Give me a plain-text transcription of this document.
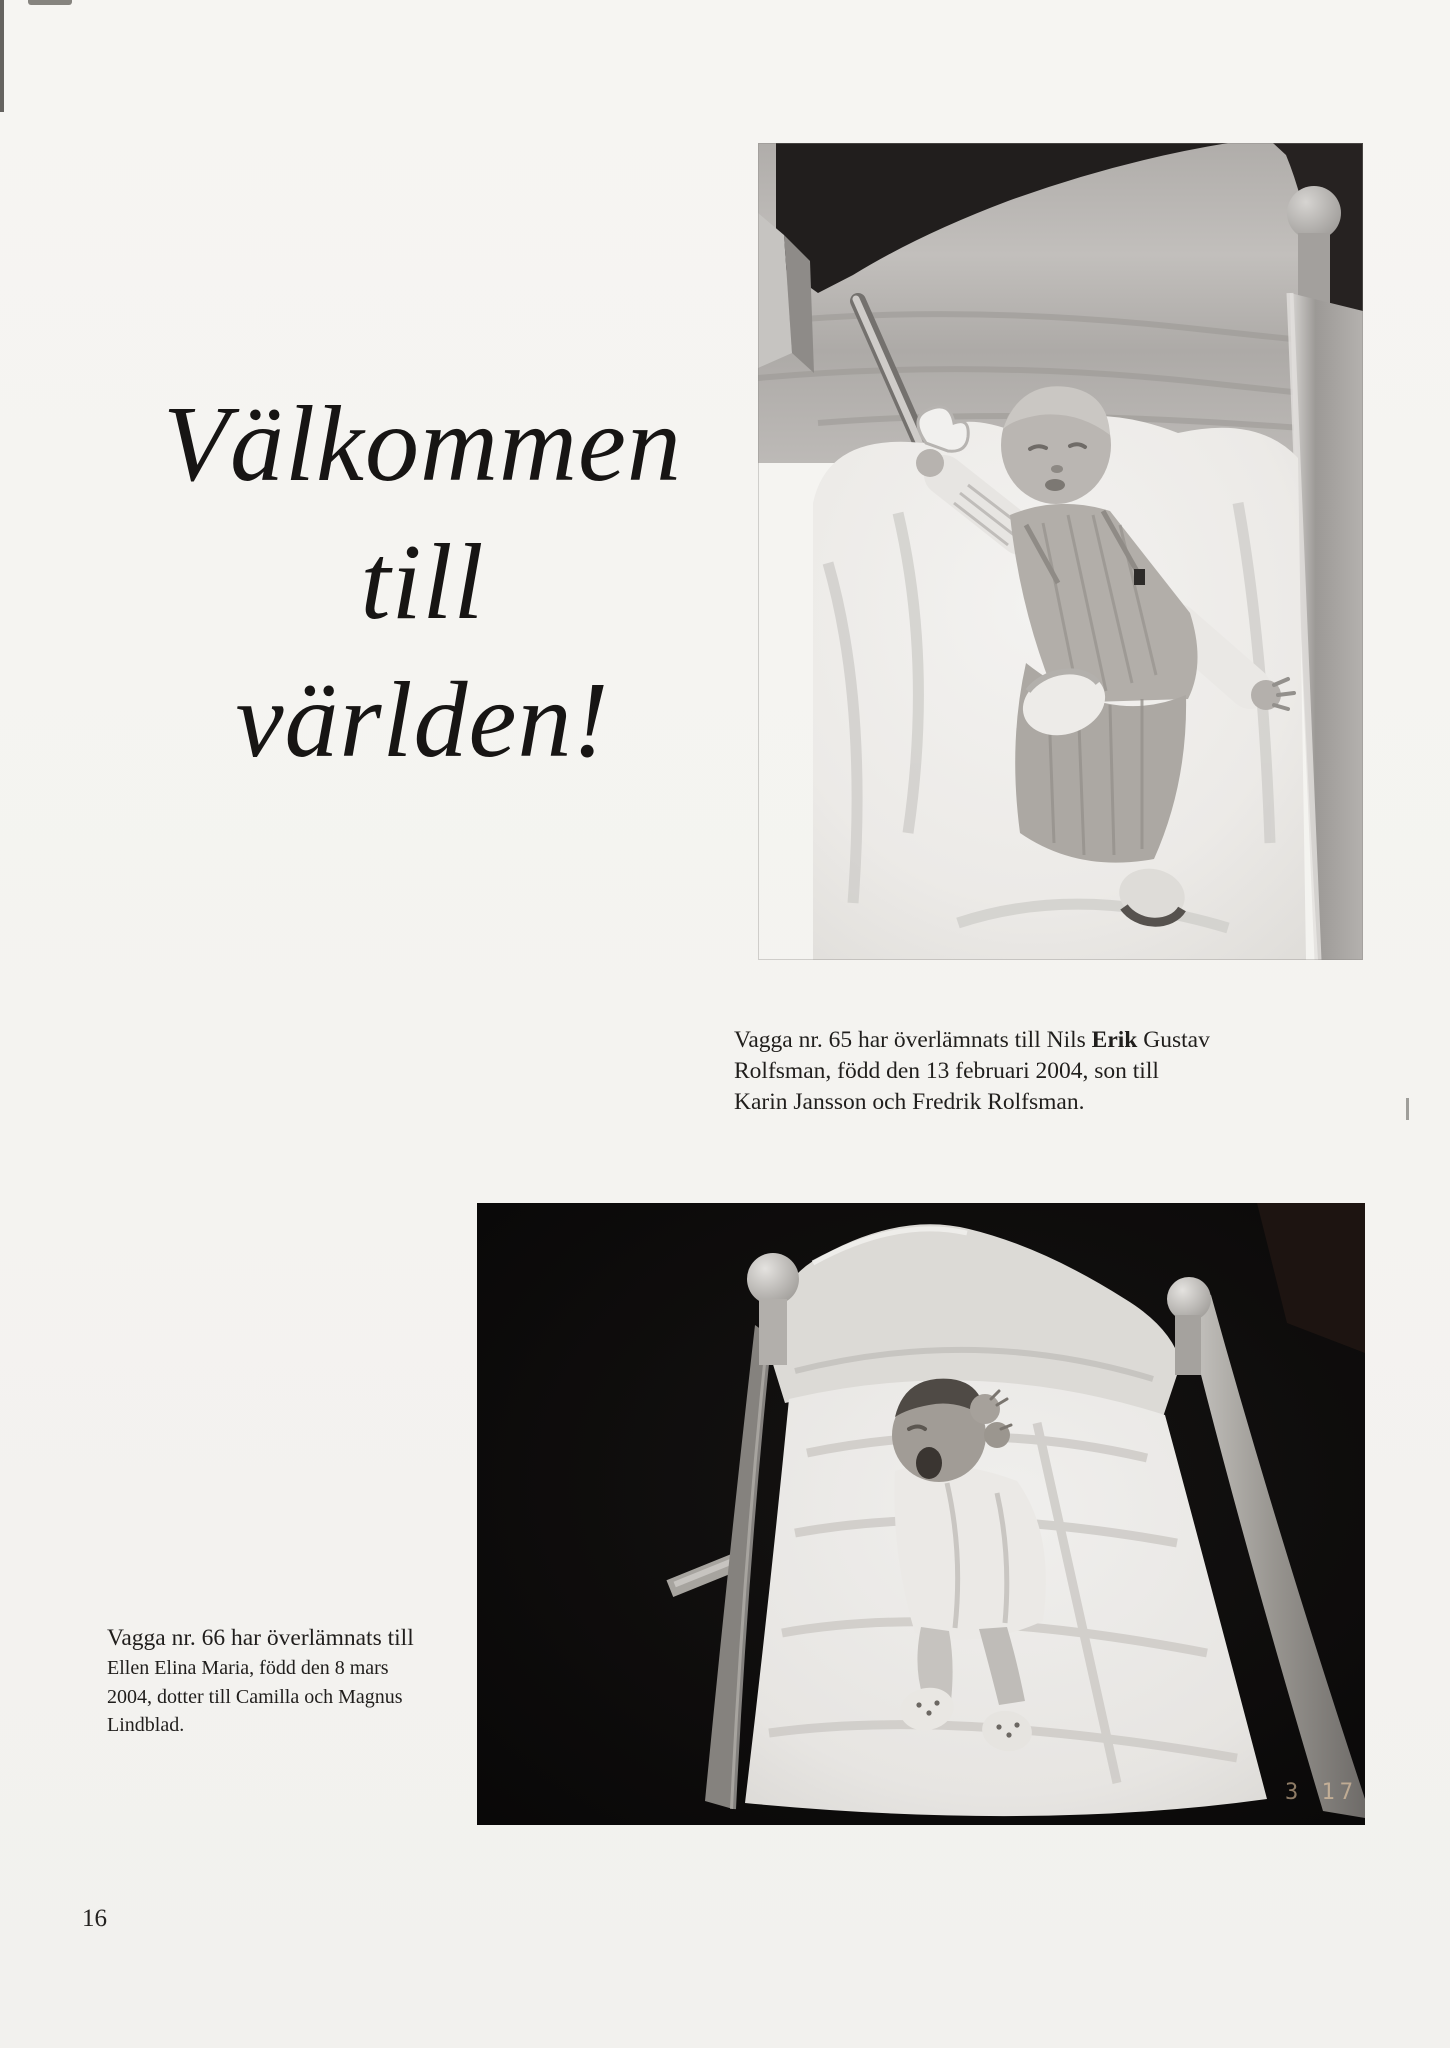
Välkommen
till
världen!
Vagga nr. 65 har överlämnats till Nils Erik Gustav
Rolfsman, född den 13 februari 2004, son till
Karin Jansson och Fredrik Rolfsman.
3 17
Vagga nr. 66 har överlämnats till
Ellen Elina Maria, född den 8 mars
2004, dotter till Camilla och Magnus
Lindblad.
16
